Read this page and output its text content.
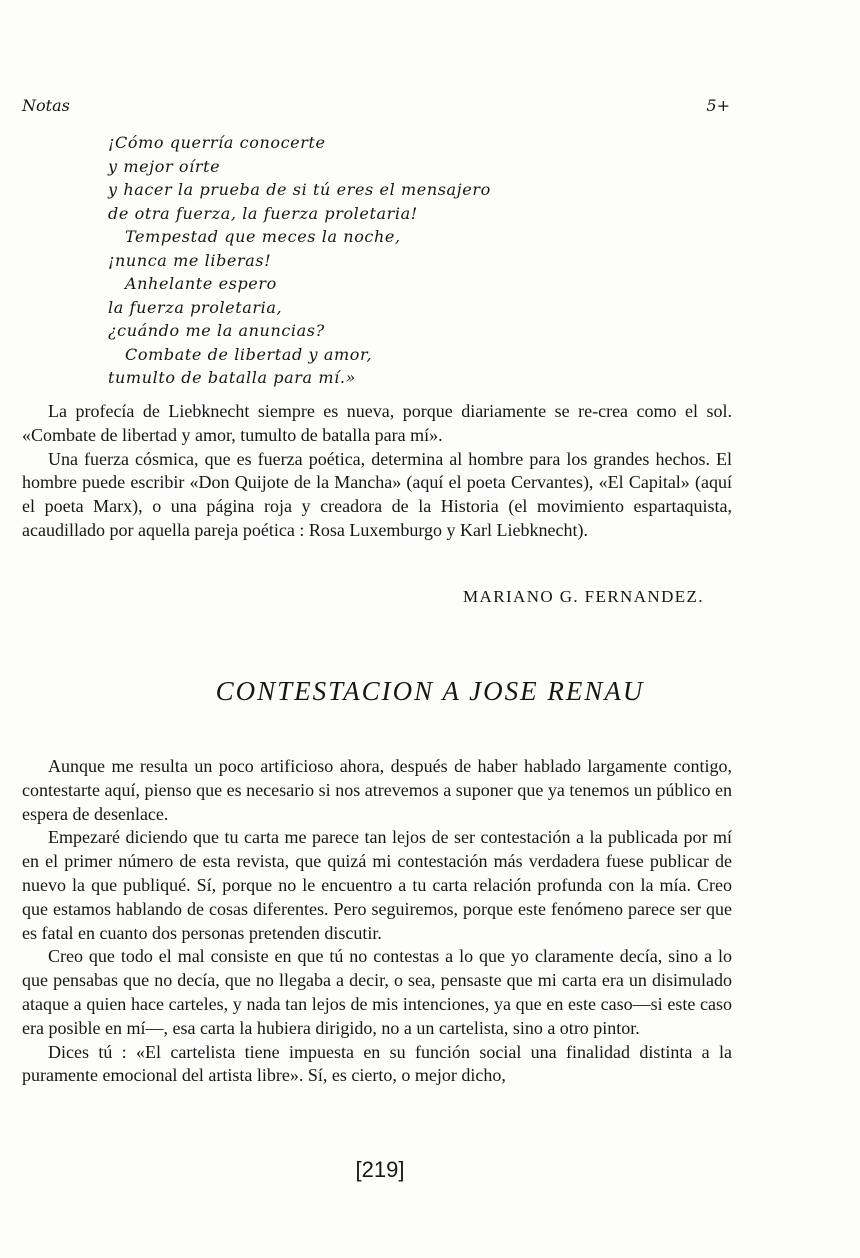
Notas	5+
¡Cómo querría conocerte
y mejor oírte
y hacer la prueba de si tú eres el mensajero
de otra fuerza, la fuerza proletaria!
Tempestad que meces la noche,
¡nunca me liberas!
Anhelante espero
la fuerza proletaria,
¿cuándo me la anuncias?
Combate de libertad y amor,
tumulto de batalla para mí.»

La profecía de Liebknecht siempre es nueva, porque diariamente se re-crea como el sol. «Combate de libertad y amor, tumulto de batalla para mí».

Una fuerza cósmica, que es fuerza poética, determina al hombre para los grandes hechos. El hombre puede escribir «Don Quijote de la Mancha» (aquí el poeta Cervantes), «El Capital» (aquí el poeta Marx), o una página roja y creadora de la Historia (el movimiento espartaquista, acaudillado por aquella pareja poética : Rosa Luxemburgo y Karl Liebknecht).

MARIANO G. FERNANDEZ.
CONTESTACION A JOSE RENAU

Aunque me resulta un poco artificioso ahora, después de haber hablado largamente contigo, contestarte aquí, pienso que es necesario si nos atrevemos a suponer que ya tenemos un público en espera de desenlace.

Empezaré diciendo que tu carta me parece tan lejos de ser contestación a la publicada por mí en el primer número de esta revista, que quizá mi contestación más verdadera fuese publicar de nuevo la que publiqué. Sí, porque no le encuentro a tu carta relación profunda con la mía. Creo que estamos hablando de cosas diferentes. Pero seguiremos, porque este fenómeno parece ser que es fatal en cuanto dos personas pretenden discutir.

Creo que todo el mal consiste en que tú no contestas a lo que yo claramente decía, sino a lo que pensabas que no decía, que no llegaba a decir, o sea, pensaste que mi carta era un disimulado ataque a quien hace carteles, y nada tan lejos de mis intenciones, ya que en este caso—si este caso era posible en mí—, esa carta la hubiera dirigido, no a un cartelista, sino a otro pintor.

Dices tú : «El cartelista tiene impuesta en su función social una finalidad distinta a la puramente emocional del artista libre». Sí, es cierto, o mejor dicho,

[219]
